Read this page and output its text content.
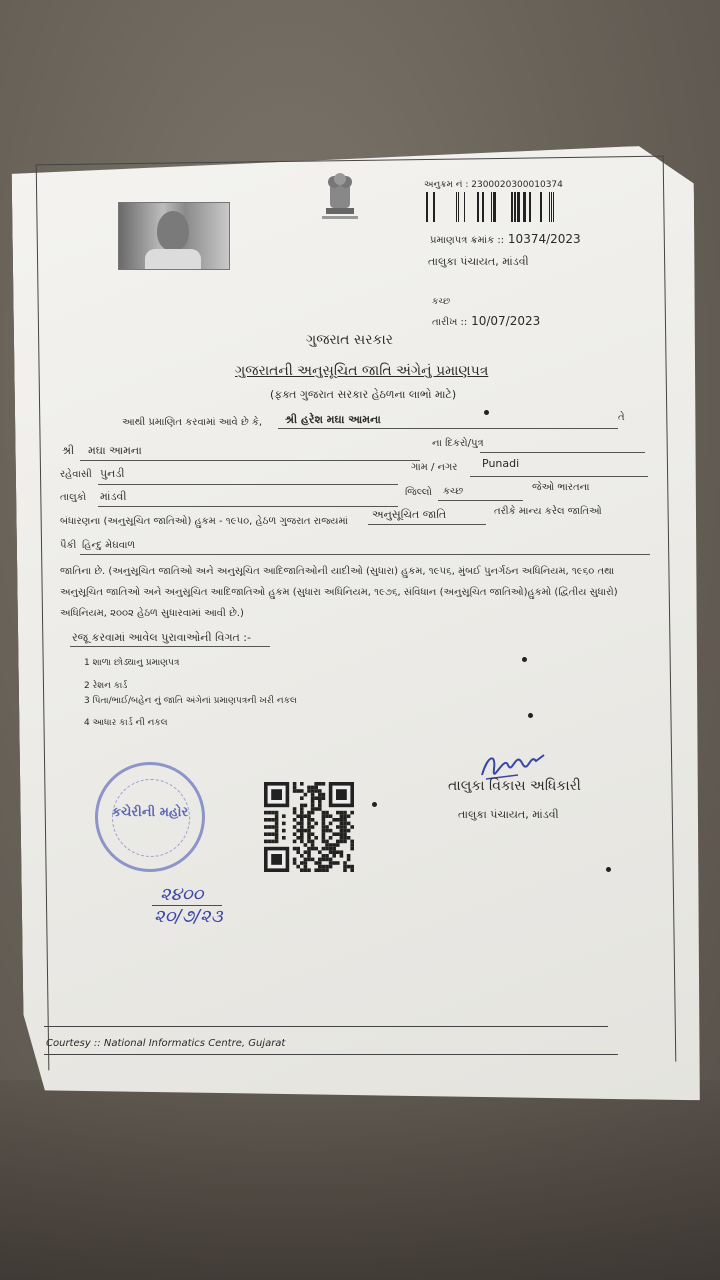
અનુક્રમ નં : 2300020300010374
પ્રમાણપત્ર ક્રમાંક :: 10374/2023
તાલુકા પંચાયત, માંડવી
કચ્છ
તારીખ :: 10/07/2023
ગુજરાત સરકાર
ગુજરાતની અનુસૂચિત જાતિ અંગેનું પ્રમાણપત્ર
(ફક્ત ગુજરાત સરકાર હેઠળના લાભો માટે)
આથી પ્રમાણિત કરવામાં આવે છે કે, શ્રી હરેશ મઘા આમના	તે
શ્રી મઘા આમના
ના દિકરો/પુત્ર
રહેવાસી પુનડી	ગામ / નગર Punadi
તાલુકો માંડવી	જિલ્લો કચ્છ	જેઓ ભારતના
બંધારણના (અનુસૂચિત જાતિઓ) હુકમ - ૧૯૫૦, હેઠળ ગુજરાત રાજ્યમાં
અનુસૂચિત જાતિ	તરીકે માન્ય કરેલ જાતિઓ
પૈકી હિન્દુ મેઘવાળ
જાતિના છે. (અનુસૂચિત જાતિઓ અને અનુસૂચિત આદિજાતિઓની યાદીઓ (સુધારા) હુકમ, ૧૯૫૬, મુંબઈ પુનર્ગઠન અધિનિયમ, ૧૯૬૦ તથા
અનુસૂચિત જાતિઓ અને અનુસૂચિત આદિજાતિઓ હુકમ (સુધારા અધિનિયમ, ૧૯૭૬, સંવિધાન (અનુસૂચિત જાતિઓ)હુકમો (દ્વિતીય સુધારો)
અધિનિયમ, ૨૦૦૨ હેઠળ સુધારવામાં આવી છે.)
રજૂ કરવામાં આવેલ પુરાવાઓની વિગત :-
1 શાળા છોડ્યાનુ પ્રમાણપત્ર
2 રેશન કાર્ડ
3 પિતા/ભાઈ/બહેન નું જાતિ અંગેનાં પ્રમાણપત્રની ખરી નકલ
4 આધાર કાર્ડ ની નકલ
કચેરીની મહોર
તાલુકા વિકાસ અધિકારી
તાલુકા પંચાયત, માંડવી
૨૪૦૦
૨૦/૭/૨૩
Courtesy :: National Informatics Centre, Gujarat
